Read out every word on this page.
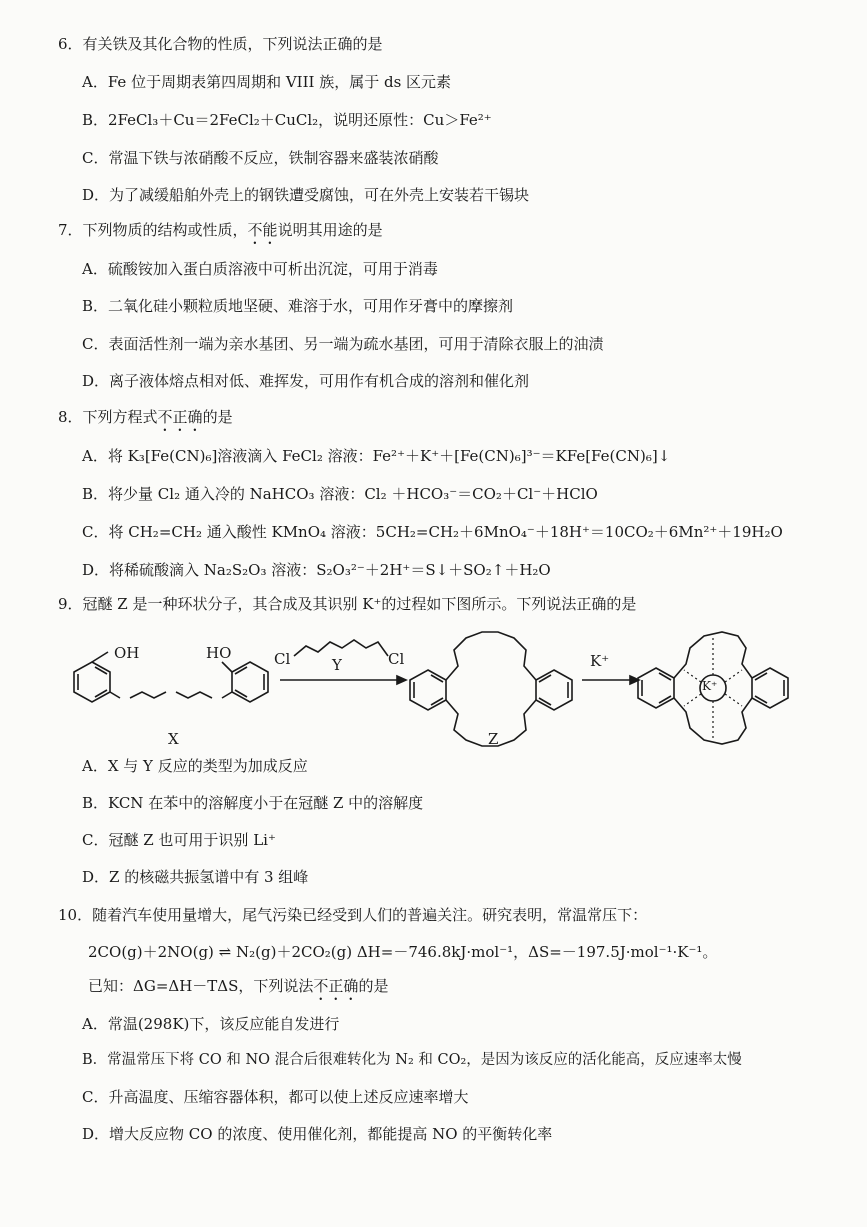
6．有关铁及其化合物的性质，下列说法正确的是
A．Fe 位于周期表第四周期和 VIII 族，属于 ds 区元素
B．2FeCl₃＋Cu＝2FeCl₂＋CuCl₂，说明还原性：Cu＞Fe²⁺
C．常温下铁与浓硝酸不反应，铁制容器来盛装浓硝酸
D．为了减缓船舶外壳上的钢铁遭受腐蚀，可在外壳上安装若干锡块
7．下列物质的结构或性质，不能说明其用途的是
A．硫酸铵加入蛋白质溶液中可析出沉淀，可用于消毒
B．二氧化硅小颗粒质地坚硬、难溶于水，可用作牙膏中的摩擦剂
C．表面活性剂一端为亲水基团、另一端为疏水基团，可用于清除衣服上的油渍
D．离子液体熔点相对低、难挥发，可用作有机合成的溶剂和催化剂
8．下列方程式不正确的是
A．将 K₃[Fe(CN)₆]溶液滴入 FeCl₂ 溶液：Fe²⁺＋K⁺＋[Fe(CN)₆]³⁻＝KFe[Fe(CN)₆]↓
B．将少量 Cl₂ 通入冷的 NaHCO₃ 溶液：Cl₂ ＋HCO₃⁻＝CO₂＋Cl⁻＋HClO
C．将 CH₂=CH₂ 通入酸性 KMnO₄ 溶液：5CH₂=CH₂＋6MnO₄⁻＋18H⁺＝10CO₂＋6Mn²⁺＋19H₂O
D．将稀硫酸滴入 Na₂S₂O₃ 溶液：S₂O₃²⁻＋2H⁺＝S↓＋SO₂↑＋H₂O
9．冠醚 Z 是一种环状分子，其合成及其识别 K⁺的过程如下图所示。下列说法正确的是
OH	HO	Cl	Cl
Y	K⁺
K⁺
X	Z
A．X 与 Y 反应的类型为加成反应
B．KCN 在苯中的溶解度小于在冠醚 Z 中的溶解度
C．冠醚 Z 也可用于识别 Li⁺
D．Z 的核磁共振氢谱中有 3 组峰
10．随着汽车使用量增大，尾气污染已经受到人们的普遍关注。研究表明，常温常压下：
2CO(g)＋2NO(g) ⇌ N₂(g)＋2CO₂(g) ΔH=－746.8kJ·mol⁻¹，ΔS=－197.5J·mol⁻¹·K⁻¹。
已知：ΔG=ΔH－TΔS，下列说法不正确的是
A．常温(298K)下，该反应能自发进行
B．常温常压下将 CO 和 NO 混合后很难转化为 N₂ 和 CO₂，是因为该反应的活化能高，反应速率太慢
C．升高温度、压缩容器体积，都可以使上述反应速率增大
D．增大反应物 CO 的浓度、使用催化剂，都能提高 NO 的平衡转化率
